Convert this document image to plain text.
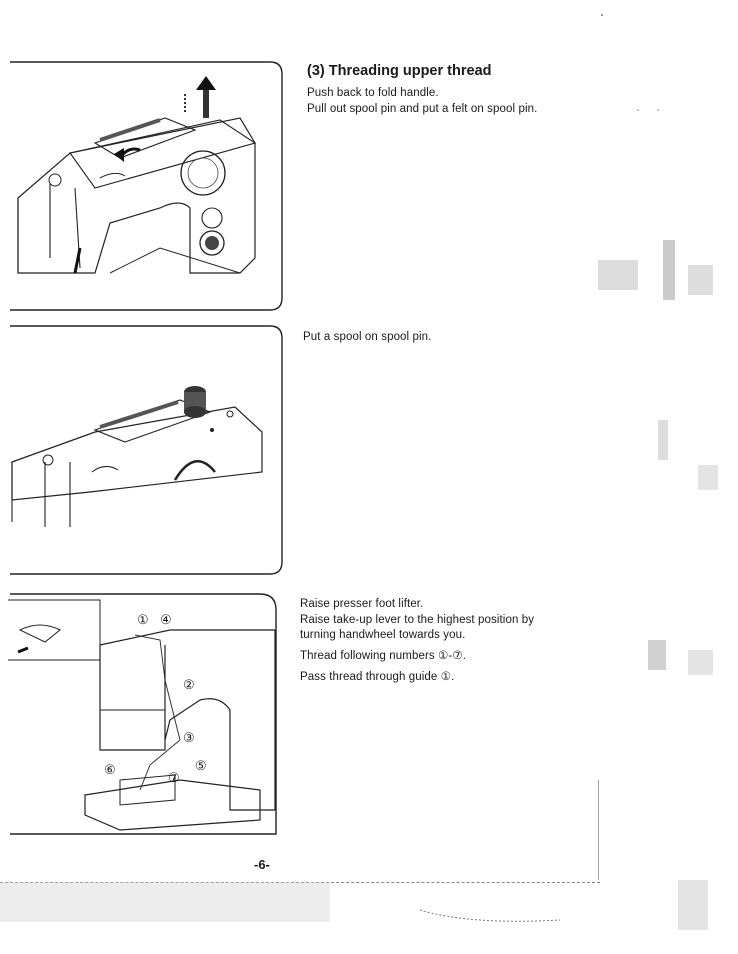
(3) Threading upper thread

Push back to fold handle.

Pull out spool pin and put a felt on spool pin.

Put a spool on spool pin.

① ④
②
③
⑥	⑤
⑦

Raise presser foot lifter.

Raise take-up lever to the highest position by turning handwheel towards you.

Thread following numbers ①-⑦.

Pass thread through guide ①.

-6-
